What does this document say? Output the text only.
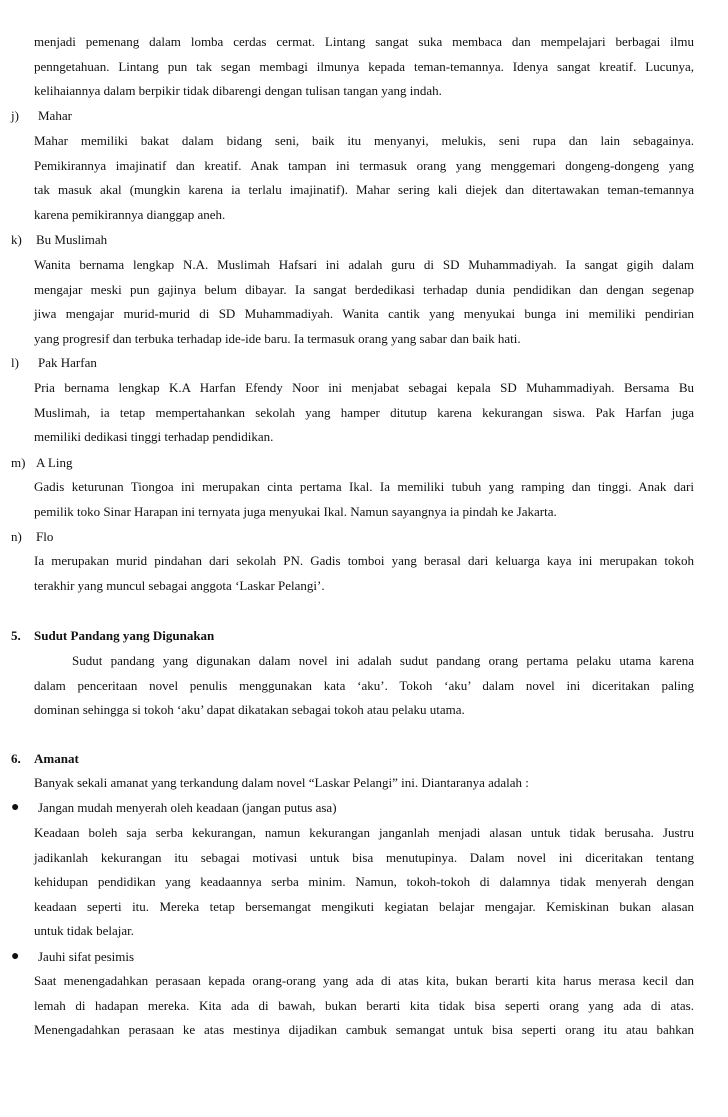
menjadi pemenang dalam lomba cerdas cermat. Lintang sangat suka membaca dan mempelajari berbagai ilmu
penngetahuan. Lintang pun tak segan membagi ilmunya kepada teman-temannya. Idenya sangat kreatif. Lucunya,
kelihaiannya dalam berpikir tidak dibarengi dengan tulisan tangan yang indah.
j) Mahar
Mahar memiliki bakat dalam bidang seni, baik itu menyanyi, melukis, seni rupa dan lain sebagainya.
Pemikirannya imajinatif dan kreatif. Anak tampan ini termasuk orang yang menggemari dongeng-dongeng yang
tak masuk akal (mungkin karena ia terlalu imajinatif). Mahar sering kali diejek dan ditertawakan teman-temannya
karena pemikirannya dianggap aneh.
k) Bu Muslimah
Wanita bernama lengkap N.A. Muslimah Hafsari ini adalah guru di SD Muhammadiyah. Ia sangat gigih dalam
mengajar meski pun gajinya belum dibayar. Ia sangat berdedikasi terhadap dunia pendidikan dan dengan segenap
jiwa mengajar murid-murid di SD Muhammadiyah. Wanita cantik yang menyukai bunga ini memiliki pendirian
yang progresif dan terbuka terhadap ide-ide baru. Ia termasuk orang yang sabar dan baik hati.
l) Pak Harfan
Pria bernama lengkap K.A Harfan Efendy Noor ini menjabat sebagai kepala SD Muhammadiyah. Bersama Bu
Muslimah, ia tetap mempertahankan sekolah yang hamper ditutup karena kekurangan siswa. Pak Harfan juga
memiliki dedikasi tinggi terhadap pendidikan.
m) A Ling
Gadis keturunan Tiongoa ini merupakan cinta pertama Ikal. Ia memiliki tubuh yang ramping dan tinggi. Anak dari
pemilik toko Sinar Harapan ini ternyata juga menyukai Ikal. Namun sayangnya ia pindah ke Jakarta.
n) Flo
Ia merupakan murid pindahan dari sekolah PN. Gadis tomboi yang berasal dari keluarga kaya ini merupakan tokoh
terakhir yang muncul sebagai anggota ‘Laskar Pelangi’.
5. Sudut Pandang yang Digunakan
Sudut pandang yang digunakan dalam novel ini adalah sudut pandang orang pertama pelaku utama karena
dalam penceritaan novel penulis menggunakan kata ‘aku’. Tokoh ‘aku’ dalam novel ini diceritakan paling
dominan sehingga si tokoh ‘aku’ dapat dikatakan sebagai tokoh atau pelaku utama.
6. Amanat
Banyak sekali amanat yang terkandung dalam novel “Laskar Pelangi” ini. Diantaranya adalah :
● Jangan mudah menyerah oleh keadaan (jangan putus asa)
Keadaan boleh saja serba kekurangan, namun kekurangan janganlah menjadi alasan untuk tidak berusaha. Justru
jadikanlah kekurangan itu sebagai motivasi untuk bisa menutupinya. Dalam novel ini diceritakan tentang
kehidupan pendidikan yang keadaannya serba minim. Namun, tokoh-tokoh di dalamnya tidak menyerah dengan
keadaan seperti itu. Mereka tetap bersemangat mengikuti kegiatan belajar mengajar. Kemiskinan bukan alasan
untuk tidak belajar.
● Jauhi sifat pesimis
Saat menengadahkan perasaan kepada orang-orang yang ada di atas kita, bukan berarti kita harus merasa kecil dan
lemah di hadapan mereka. Kita ada di bawah, bukan berarti kita tidak bisa seperti orang yang ada di atas.
Menengadahkan perasaan ke atas mestinya dijadikan cambuk semangat untuk bisa seperti orang itu atau bahkan
